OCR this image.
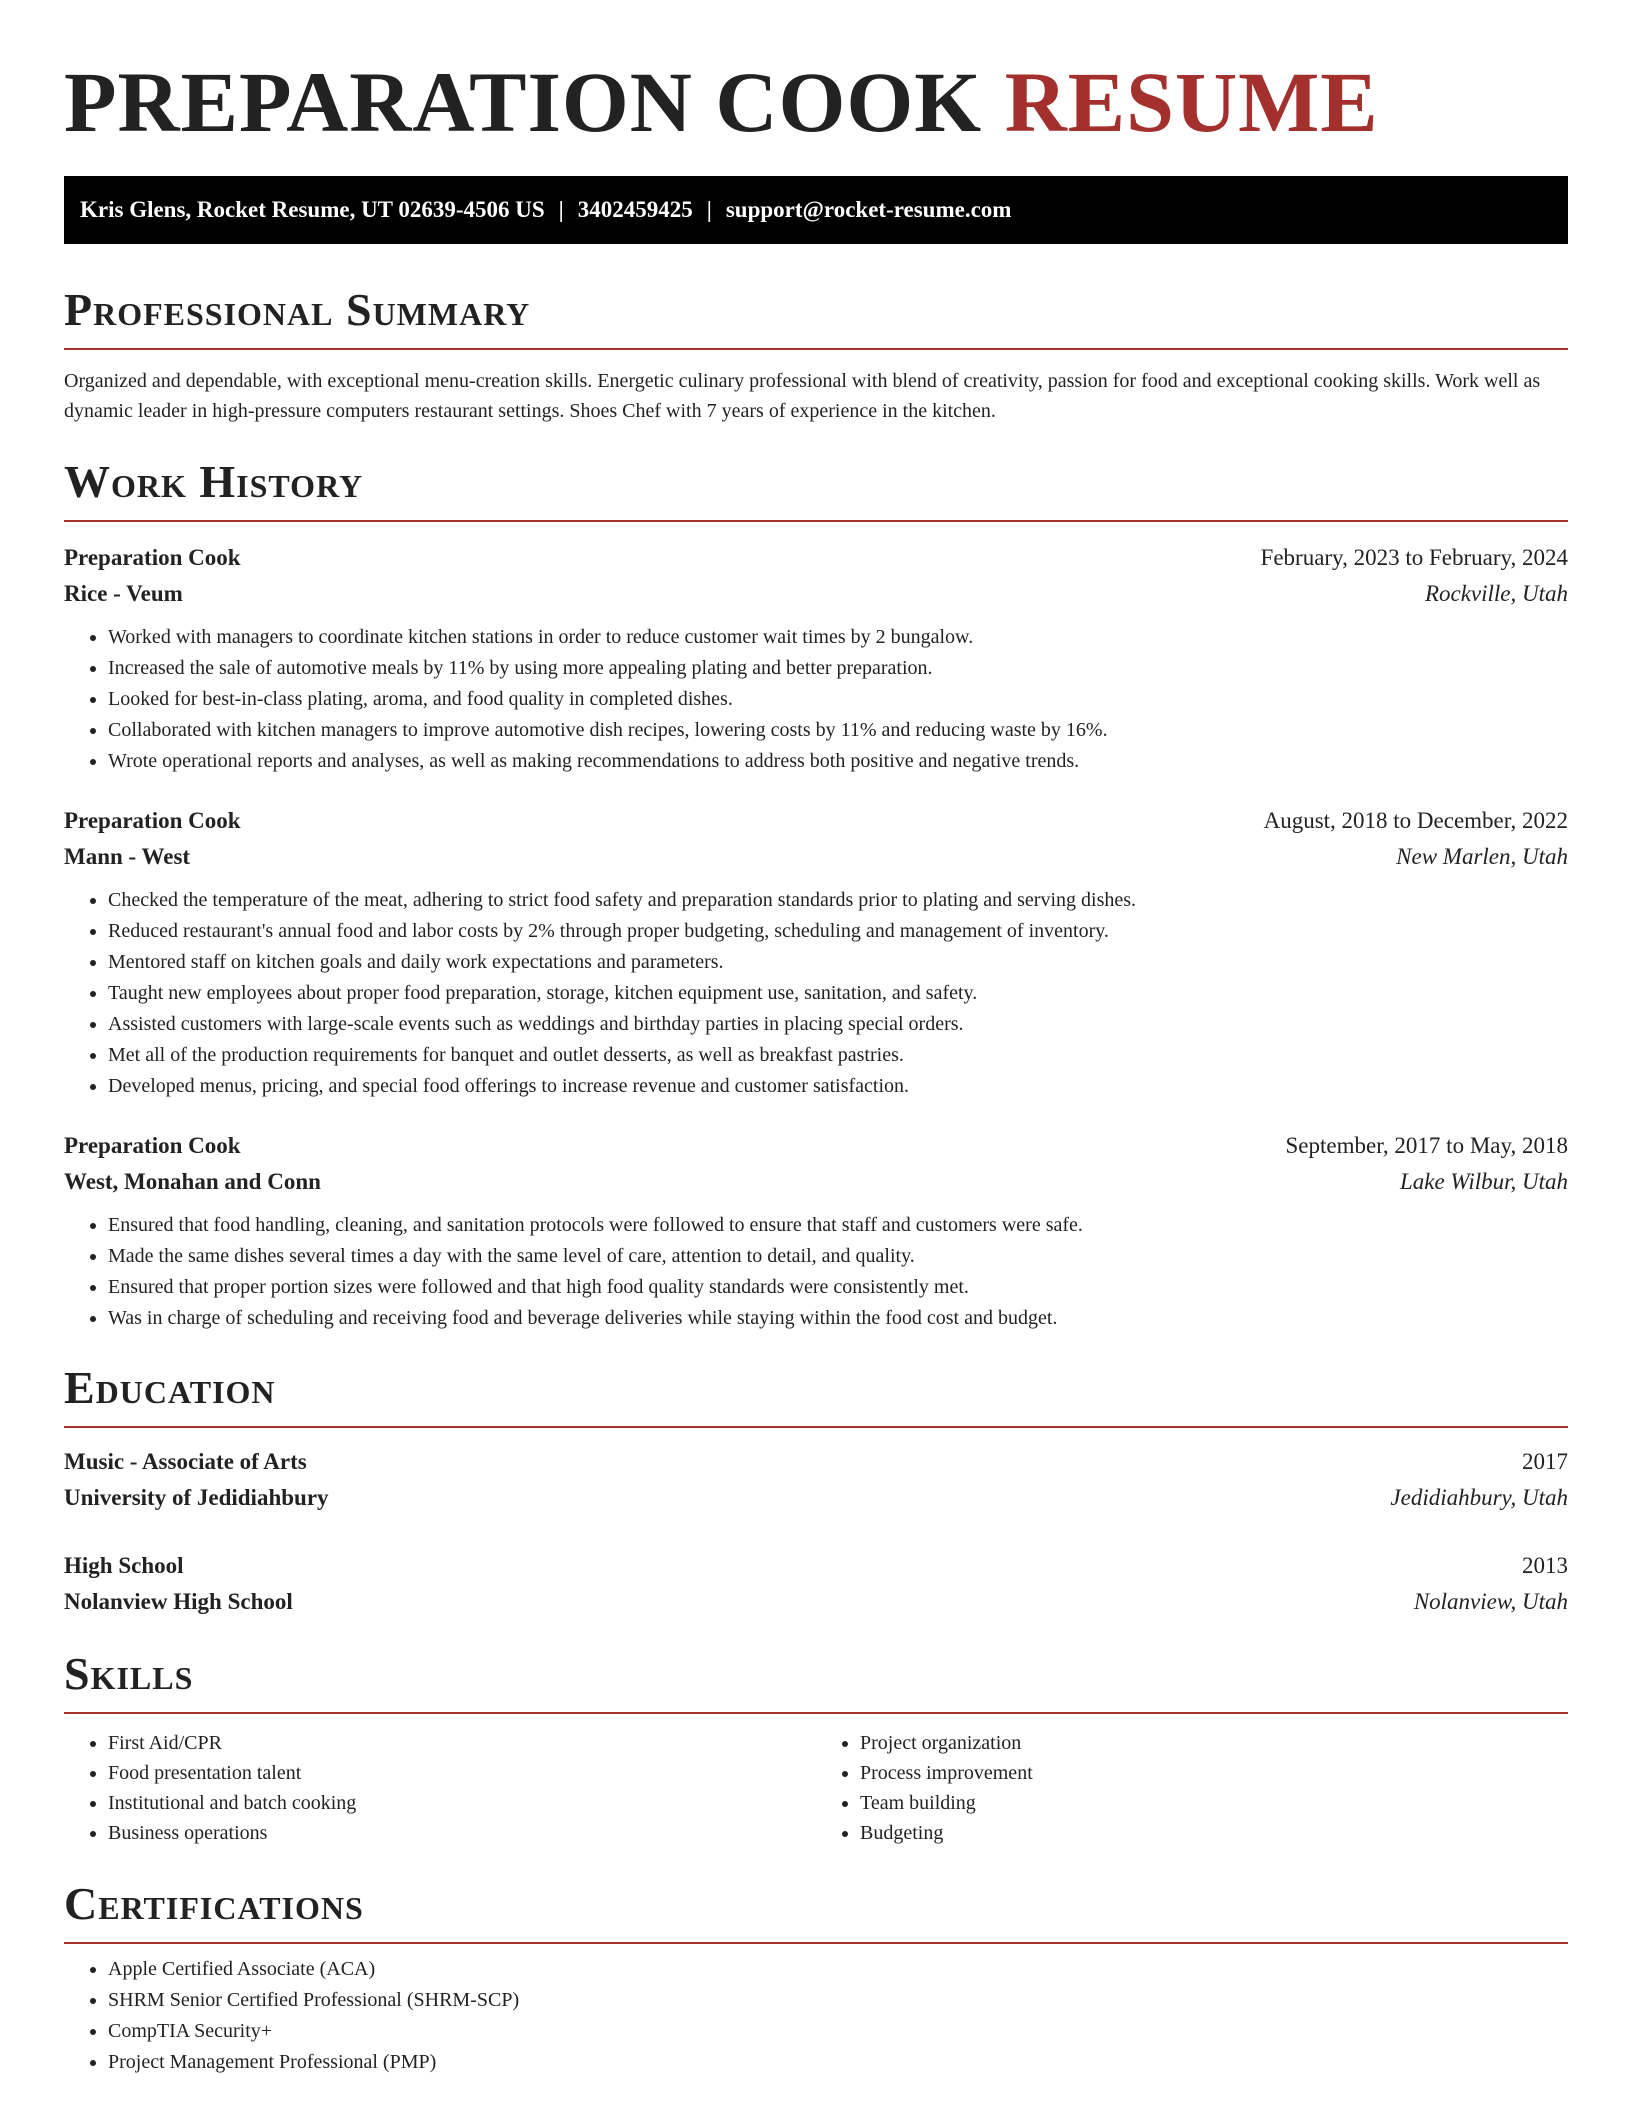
PREPARATION COOK RESUME
Kris Glens, Rocket Resume, UT 02639-4506 US | 3402459425 | support@rocket-resume.com
Professional Summary

Organized and dependable, with exceptional menu-creation skills. Energetic culinary professional with blend of creativity, passion for food and exceptional cooking skills. Work well as dynamic leader in high-pressure computers restaurant settings. Shoes Chef with 7 years of experience in the kitchen.

Work History
Preparation Cook	February, 2023 to February, 2024
Rice - Veum	Rockville, Utah
• Worked with managers to coordinate kitchen stations in order to reduce customer wait times by 2 bungalow.
• Increased the sale of automotive meals by 11% by using more appealing plating and better preparation.
• Looked for best-in-class plating, aroma, and food quality in completed dishes.
• Collaborated with kitchen managers to improve automotive dish recipes, lowering costs by 11% and reducing waste by 16%.
• Wrote operational reports and analyses, as well as making recommendations to address both positive and negative trends.
Preparation Cook	August, 2018 to December, 2022
Mann - West	New Marlen, Utah
• Checked the temperature of the meat, adhering to strict food safety and preparation standards prior to plating and serving dishes.
• Reduced restaurant's annual food and labor costs by 2% through proper budgeting, scheduling and management of inventory.
• Mentored staff on kitchen goals and daily work expectations and parameters.
• Taught new employees about proper food preparation, storage, kitchen equipment use, sanitation, and safety.
• Assisted customers with large-scale events such as weddings and birthday parties in placing special orders.
• Met all of the production requirements for banquet and outlet desserts, as well as breakfast pastries.
• Developed menus, pricing, and special food offerings to increase revenue and customer satisfaction.
Preparation Cook	September, 2017 to May, 2018
West, Monahan and Conn	Lake Wilbur, Utah
• Ensured that food handling, cleaning, and sanitation protocols were followed to ensure that staff and customers were safe.
• Made the same dishes several times a day with the same level of care, attention to detail, and quality.
• Ensured that proper portion sizes were followed and that high food quality standards were consistently met.
• Was in charge of scheduling and receiving food and beverage deliveries while staying within the food cost and budget.
Education
Music - Associate of Arts	2017
University of Jedidiahbury	Jedidiahbury, Utah
High School	2013
Nolanview High School	Nolanview, Utah
Skills
• First Aid/CPR
• Food presentation talent
• Institutional and batch cooking
• Business operations
• Project organization
• Process improvement
• Team building
• Budgeting
Certifications
• Apple Certified Associate (ACA)
• SHRM Senior Certified Professional (SHRM-SCP)
• CompTIA Security+
• Project Management Professional (PMP)
